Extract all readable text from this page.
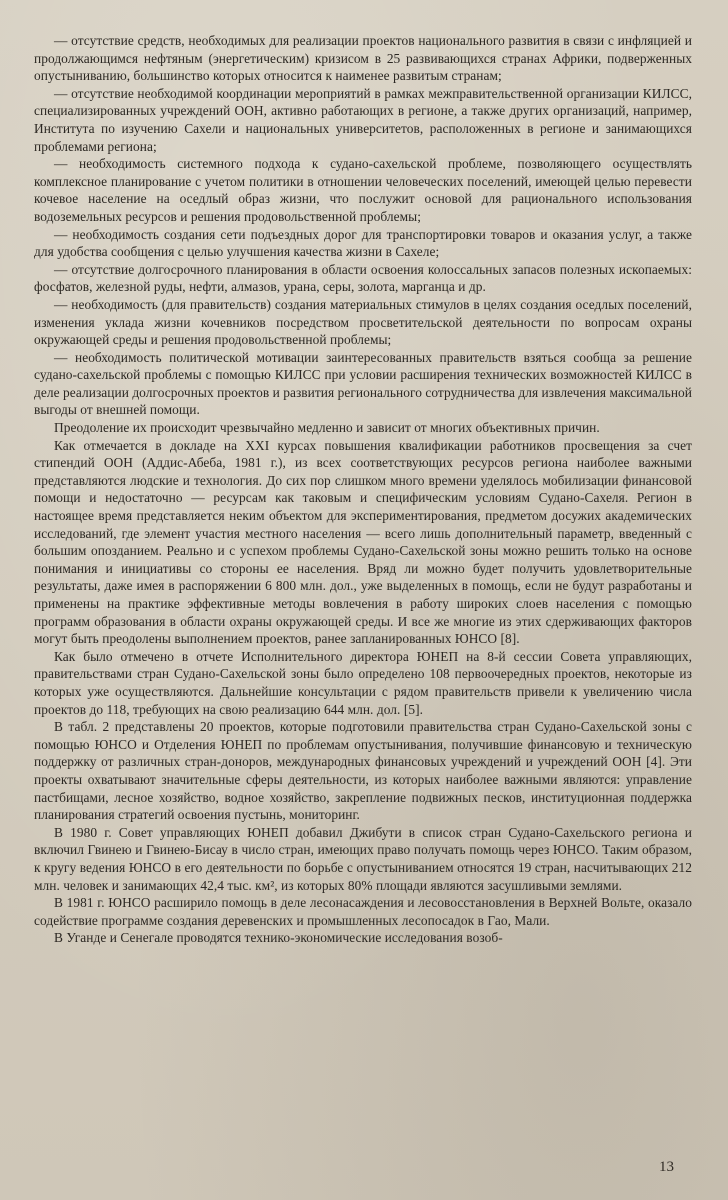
— отсутствие средств, необходимых для реализации проектов национального развития в связи с инфляцией и продолжающимся нефтяным (энергетическим) кризисом в 25 развивающихся странах Африки, подверженных опустыниванию, большинство которых относится к наименее развитым странам;

— отсутствие необходимой координации мероприятий в рамках межправительственной организации КИЛСС, специализированных учреждений ООН, активно работающих в регионе, а также других организаций, например, Института по изучению Сахели и национальных университетов, расположенных в регионе и занимающихся проблемами региона;

— необходимость системного подхода к судано-сахельской проблеме, позволяющего осуществлять комплексное планирование с учетом политики в отношении человеческих поселений, имеющей целью перевести кочевое население на оседлый образ жизни, что послужит основой для рационального использования водоземельных ресурсов и решения продовольственной проблемы;

— необходимость создания сети подъездных дорог для транспортировки товаров и оказания услуг, а также для удобства сообщения с целью улучшения качества жизни в Сахеле;

— отсутствие долгосрочного планирования в области освоения колоссальных запасов полезных ископаемых: фосфатов, железной руды, нефти, алмазов, урана, серы, золота, марганца и др.

— необходимость (для правительств) создания материальных стимулов в целях создания оседлых поселений, изменения уклада жизни кочевников посредством просветительской деятельности по вопросам охраны окружающей среды и решения продовольственной проблемы;

— необходимость политической мотивации заинтересованных правительств взяться сообща за решение судано-сахельской проблемы с помощью КИЛСС при условии расширения технических возможностей КИЛСС в деле реализации долгосрочных проектов и развития регионального сотрудничества для извлечения максимальной выгоды от внешней помощи.

Преодоление их происходит чрезвычайно медленно и зависит от многих объективных причин.

Как отмечается в докладе на XXI курсах повышения квалификации работников просвещения за счет стипендий ООН (Аддис-Абеба, 1981 г.), из всех соответствующих ресурсов региона наиболее важными представляются людские и технология. До сих пор слишком много времени уделялось мобилизации финансовой помощи и недостаточно — ресурсам как таковым и специфическим условиям Судано-Сахеля. Регион в настоящее время представляется неким объектом для экспериментирования, предметом досужих академических исследований, где элемент участия местного населения — всего лишь дополнительный параметр, введенный с большим опозданием. Реально и с успехом проблемы Судано-Сахельской зоны можно решить только на основе понимания и инициативы со стороны ее населения. Вряд ли можно будет получить удовлетворительные результаты, даже имея в распоряжении 6 800 млн. дол., уже выделенных в помощь, если не будут разработаны и применены на практике эффективные методы вовлечения в работу широких слоев населения с помощью программ образования в области охраны окружающей среды. И все же многие из этих сдерживающих факторов могут быть преодолены выполнением проектов, ранее запланированных ЮНСО [8].

Как было отмечено в отчете Исполнительного директора ЮНЕП на 8-й сессии Совета управляющих, правительствами стран Судано-Сахельской зоны было определено 108 первоочередных проектов, некоторые из которых уже осуществляются. Дальнейшие консультации с рядом правительств привели к увеличению числа проектов до 118, требующих на свою реализацию 644 млн. дол. [5].

В табл. 2 представлены 20 проектов, которые подготовили правительства стран Судано-Сахельской зоны с помощью ЮНСО и Отделения ЮНЕП по проблемам опустынивания, получившие финансовую и техническую поддержку от различных стран-доноров, международных финансовых учреждений и учреждений ООН [4]. Эти проекты охватывают значительные сферы деятельности, из которых наиболее важными являются: управление пастбищами, лесное хозяйство, водное хозяйство, закрепление подвижных песков, институционная поддержка планирования стратегий освоения пустынь, мониторинг.

В 1980 г. Совет управляющих ЮНЕП добавил Джибути в список стран Судано-Сахельского региона и включил Гвинею и Гвинею-Бисау в число стран, имеющих право получать помощь через ЮНСО. Таким образом, к кругу ведения ЮНСО в его деятельности по борьбе с опустыниванием относятся 19 стран, насчитывающих 212 млн. человек и занимающих 42,4 тыс. км², из которых 80% площади являются засушливыми землями.

В 1981 г. ЮНСО расширило помощь в деле лесонасаждения и лесовосстановления в Верхней Вольте, оказало содействие программе создания деревенских и промышленных лесопосадок в Гао, Мали.

В Уганде и Сенегале проводятся технико-экономические исследования возоб-

13
